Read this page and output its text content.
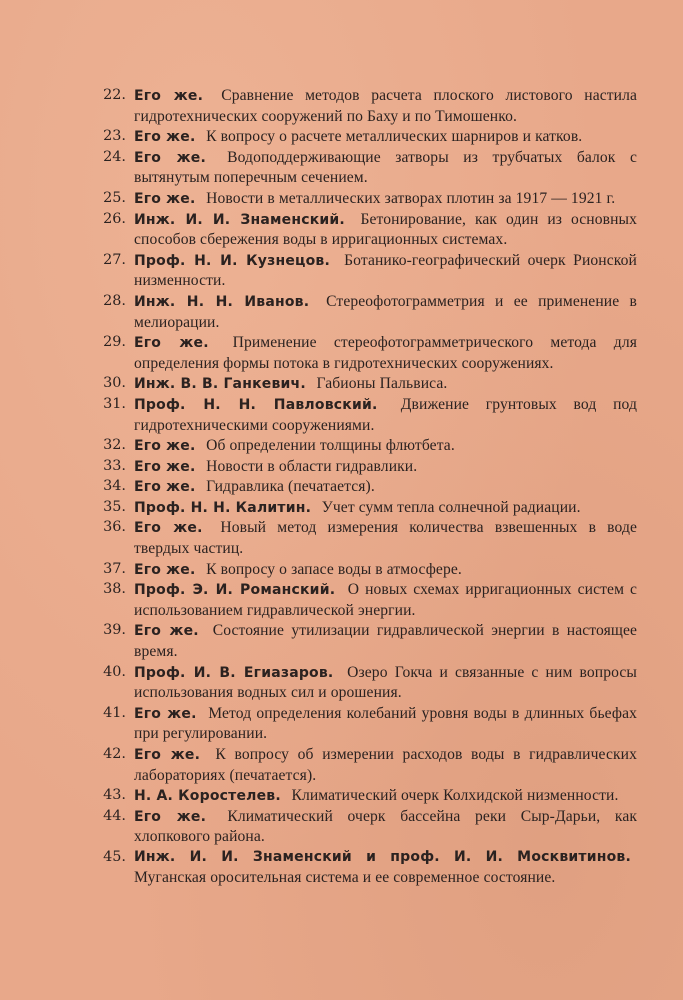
22. Его же. Сравнение методов расчета плоского листового настила гидротехнических сооружений по Баху и по Тимошенко.
23. Его же. К вопросу о расчете металлических шарниров и катков.
24. Его же. Водоподдерживающие затворы из трубчатых балок с вытянутым поперечным сечением.
25. Его же. Новости в металлических затворах плотин за 1917 — 1921 г.
26. Инж. И. И. Знаменский. Бетонирование, как один из основных способов сбережения воды в ирригационных системах.
27. Проф. Н. И. Кузнецов. Ботанико-географический очерк Рионской низменности.
28. Инж. Н. Н. Иванов. Стереофотограмметрия и ее применение в мелиорации.
29. Его же. Применение стереофотограмметрического метода для определения формы потока в гидротехнических сооружениях.
30. Инж. В. В. Ганкевич. Габионы Пальвиса.
31. Проф. Н. Н. Павловский. Движение грунтовых вод под гидротехническими сооружениями.
32. Его же. Об определении толщины флютбета.
33. Его же. Новости в области гидравлики.
34. Его же. Гидравлика (печатается).
35. Проф. Н. Н. Калитин. Учет сумм тепла солнечной радиации.
36. Его же. Новый метод измерения количества взвешенных в воде твердых частиц.
37. Его же. К вопросу о запасе воды в атмосфере.
38. Проф. Э. И. Романский. О новых схемах ирригационных систем с использованием гидравлической энергии.
39. Его же. Состояние утилизации гидравлической энергии в настоящее время.
40. Проф. И. В. Егиазаров. Озеро Гокча и связанные с ним вопросы использования водных сил и орошения.
41. Его же. Метод определения колебаний уровня воды в длинных бьефах при регулировании.
42. Его же. К вопросу об измерении расходов воды в гидравлических лабораториях (печатается).
43. Н. А. Коростелев. Климатический очерк Колхидской низменности.
44. Его же. Климатический очерк бассейна реки Сыр-Дарьи, как хлопкового района.
45. Инж. И. И. Знаменский и проф. И. И. Москвитинов. Муганская оросительная система и ее современное состояние.
